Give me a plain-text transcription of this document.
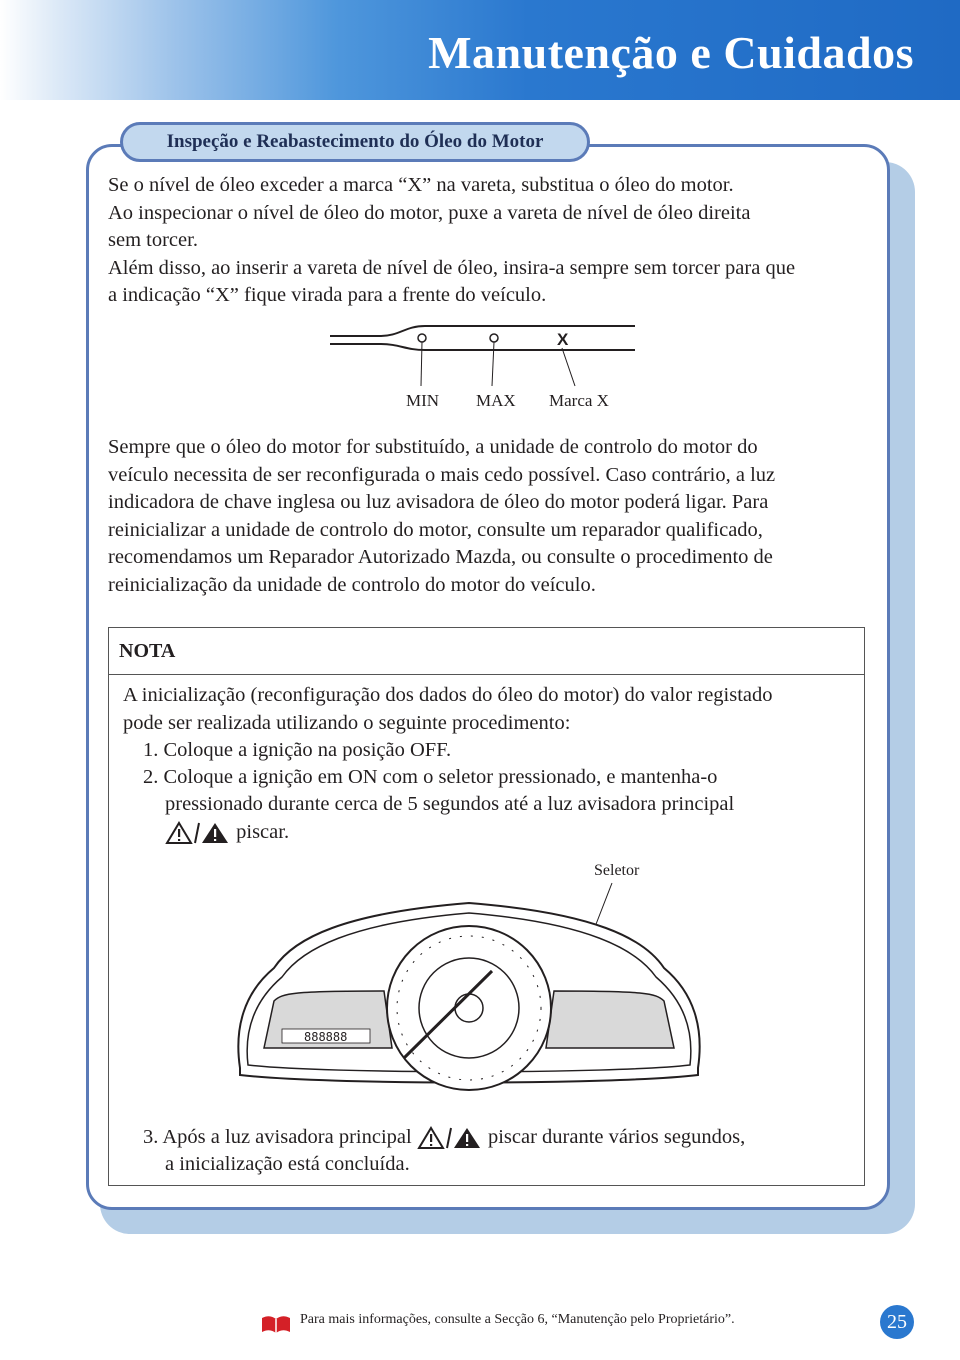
Manutenção e Cuidados
Inspeção e Reabastecimento do Óleo do Motor
Se o nível de óleo exceder a marca “X” na vareta, substitua o óleo do motor.
Ao inspecionar o nível de óleo do motor, puxe a vareta de nível de óleo direita
sem torcer.
Além disso, ao inserir a vareta de nível de óleo, insira-a sempre sem torcer para que
a indicação “X” fique virada para a frente do veículo.
X
MIN MAX Marca X
Sempre que o óleo do motor for substituído, a unidade de controlo do motor do
veículo necessita de ser reconfigurada o mais cedo possível. Caso contrário, a luz
indicadora de chave inglesa ou luz avisadora de óleo do motor poderá ligar. Para
reinicializar a unidade de controlo do motor, consulte um reparador qualificado,
recomendamos um Reparador Autorizado Mazda, ou consulte o procedimento de
reinicialização da unidade de controlo do motor do veículo.
NOTA
A inicialização (reconfiguração dos dados do óleo do motor) do valor registado
pode ser realizada utilizando o seguinte procedimento:
1. Coloque a ignição na posição OFF.
2. Coloque a ignição em ON com o seletor pressionado, e mantenha-o
pressionado durante cerca de 5 segundos até a luz avisadora principal
piscar.
Seletor
888888
3. Após a luz avisadora principal	piscar durante vários segundos,
a inicialização está concluída.
Para mais informações, consulte a Secção 6, “Manutenção pelo Proprietário”.	25
